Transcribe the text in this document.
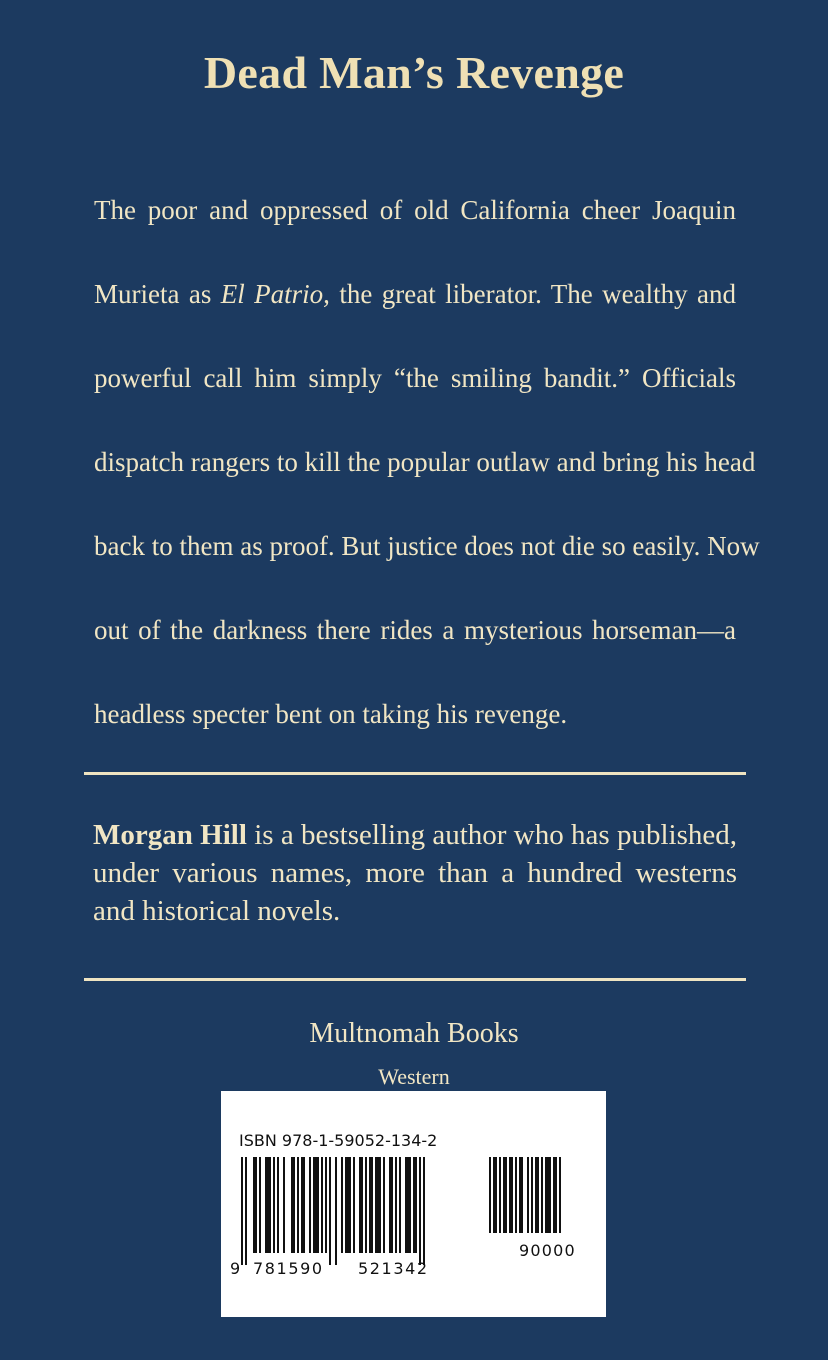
Dead Man’s Revenge
The poor and oppressed of old California cheer Joaquin
Murieta as El Patrio, the great liberator. The wealthy and
powerful call him simply “the smiling bandit.” Officials
dispatch rangers to kill the popular outlaw and bring his head
back to them as proof. But justice does not die so easily. Now
out of the darkness there rides a mysterious horseman—a
headless specter bent on taking his revenge.
Morgan Hill is a bestselling author who has published,
under various names, more than a hundred westerns
and historical novels.
Multnomah Books
Western
ISBN 978-1-59052-134-2
9 781590 521342
90000
